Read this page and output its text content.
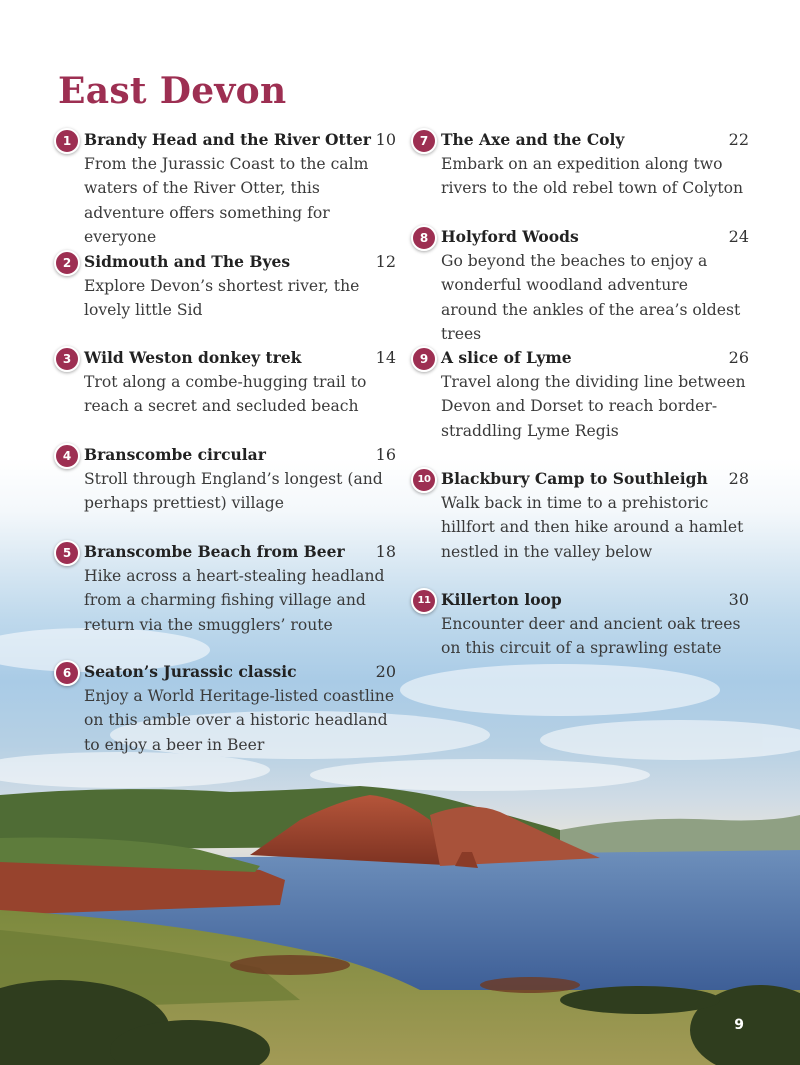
East Devon
1 Brandy Head and the River Otter 10

From the Jurassic Coast to the calm waters of the River Otter, this adventure offers something for everyone

2 Sidmouth and The Byes	12

Explore Devon’s shortest river, the lovely little Sid

3 Wild Weston donkey trek	14

Trot along a combe-hugging trail to reach a secret and secluded beach

4 Branscombe circular	16

Stroll through England’s longest (and perhaps prettiest) village

5 Branscombe Beach from Beer 18

Hike across a heart-stealing headland from a charming fishing village and return via the smugglers’ route

6 Seaton’s Jurassic classic	20

Enjoy a World Heritage-listed coastline on this amble over a historic headland to enjoy a beer in Beer

7 The Axe and the Coly	22

Embark on an expedition along two rivers to the old rebel town of Colyton

8 Holyford Woods	24

Go beyond the beaches to enjoy a wonderful woodland adventure around the ankles of the area’s oldest trees

9 A slice of Lyme	26

Travel along the dividing line between Devon and Dorset to reach border-straddling Lyme Regis

10 Blackbury Camp to Southleigh 28

Walk back in time to a prehistoric hillfort and then hike around a hamlet nestled in the valley below

11 Killerton loop	30

Encounter deer and ancient oak trees on this circuit of a sprawling estate

9
